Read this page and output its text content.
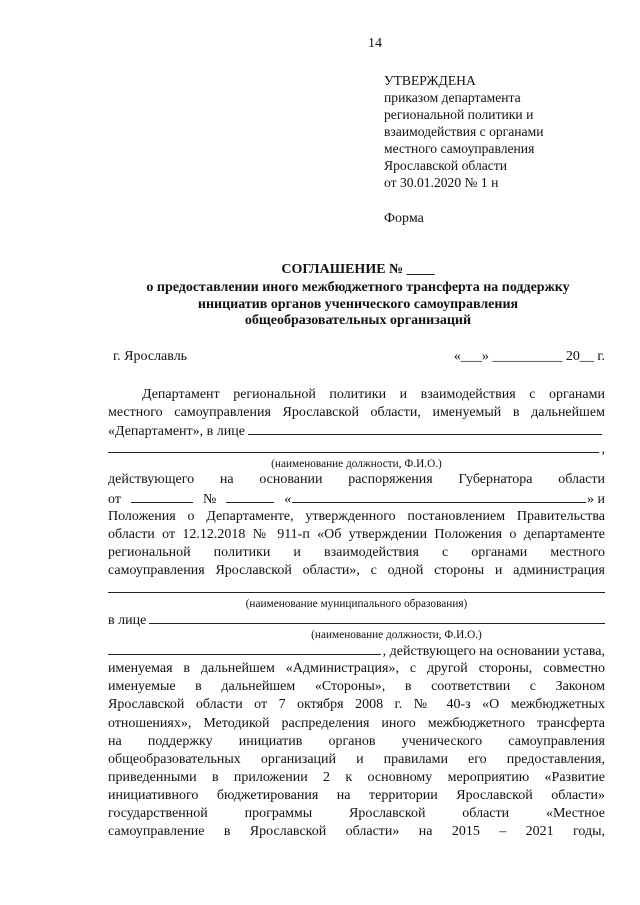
14
УТВЕРЖДЕНА
приказом департамента
региональной политики и
взаимодействия с органами
местного самоуправления
Ярославской области
от 30.01.2020 № 1 н
Форма
СОГЛАШЕНИЕ № ____
о предоставлении иного межбюджетного трансферта на поддержку
инициатив органов ученического самоуправления
общеобразовательных организаций
г. Ярославль	«___» __________ 20__ г.
Департамент региональной политики и взаимодействия с органами
местного самоуправления Ярославской области, именуемый в дальнейшем
«Департамент», в лице
,
(наименование должности, Ф.И.О.)
действующего на основании распоряжения Губернатора области
от	№	«	» и
Положения о Департаменте, утвержденного постановлением Правительства
области от 12.12.2018 № 911-п «Об утверждении Положения о департаменте
региональной политики и взаимодействия с органами местного
самоуправления Ярославской области», с одной стороны и администрация
(наименование муниципального образования)
в лице
(наименование должности, Ф.И.О.)
, действующего на основании устава,
именуемая в дальнейшем «Администрация», с другой стороны, совместно
именуемые в дальнейшем «Стороны», в соответствии с Законом
Ярославской области от 7 октября 2008 г. № 40-з «О межбюджетных
отношениях», Методикой распределения иного межбюджетного трансферта
на поддержку инициатив органов ученического самоуправления
общеобразовательных организаций и правилами его предоставления,
приведенными в приложении 2 к основному мероприятию «Развитие
инициативного бюджетирования на территории Ярославской области»
государственной программы Ярославской области «Местное
самоуправление в Ярославской области» на 2015 – 2021 годы,
